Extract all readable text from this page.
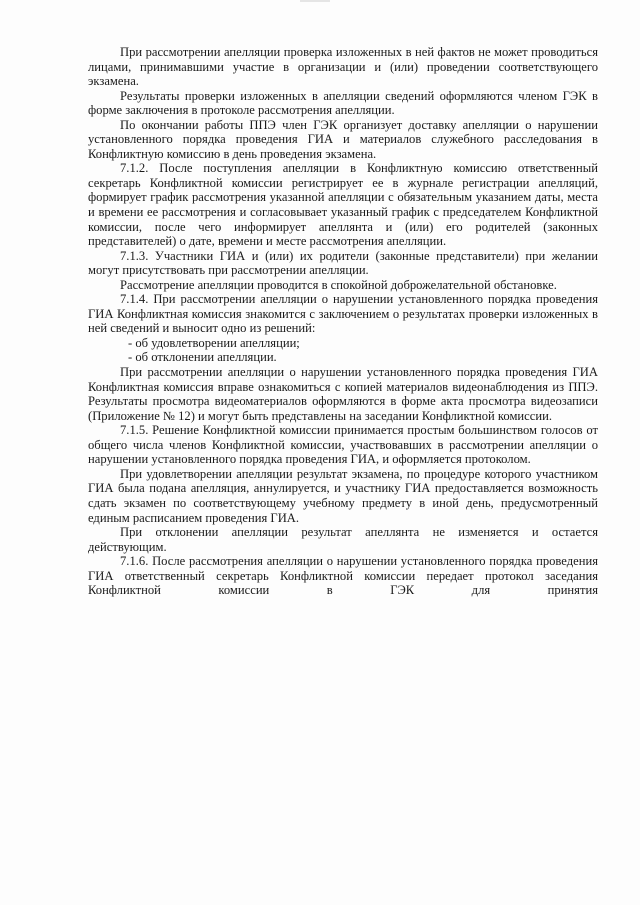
При рассмотрении апелляции проверка изложенных в ней фактов не может проводиться лицами, принимавшими участие в организации и (или) проведении соответствующего экзамена.

Результаты проверки изложенных в апелляции сведений оформляются членом ГЭК в форме заключения в протоколе рассмотрения апелляции.

По окончании работы ППЭ член ГЭК организует доставку апелляции о нарушении установленного порядка проведения ГИА и материалов служебного расследования в Конфликтную комиссию в день проведения экзамена.

7.1.2. После поступления апелляции в Конфликтную комиссию ответственный секретарь Конфликтной комиссии регистрирует ее в журнале регистрации апелляций, формирует график рассмотрения указанной апелляции с обязательным указанием даты, места и времени ее рассмотрения и согласовывает указанный график с председателем Конфликтной комиссии, после чего информирует апеллянта и (или) его родителей (законных представителей) о дате, времени и месте рассмотрения апелляции.

7.1.3. Участники ГИА и (или) их родители (законные представители) при желании могут присутствовать при рассмотрении апелляции.

Рассмотрение апелляции проводится в спокойной доброжелательной обстановке.

7.1.4. При рассмотрении апелляции о нарушении установленного порядка проведения ГИА Конфликтная комиссия знакомится с заключением о результатах проверки изложенных в ней сведений и выносит одно из решений:

- об удовлетворении апелляции;

- об отклонении апелляции.

При рассмотрении апелляции о нарушении установленного порядка проведения ГИА Конфликтная комиссия вправе ознакомиться с копией материалов видеонаблюдения из ППЭ. Результаты просмотра видеоматериалов оформляются в форме акта просмотра видеозаписи (Приложение № 12) и могут быть представлены на заседании Конфликтной комиссии.

7.1.5. Решение Конфликтной комиссии принимается простым большинством голосов от общего числа членов Конфликтной комиссии, участвовавших в рассмотрении апелляции о нарушении установленного порядка проведения ГИА, и оформляется протоколом.

При удовлетворении апелляции результат экзамена, по процедуре которого участником ГИА была подана апелляция, аннулируется, и участнику ГИА предоставляется возможность сдать экзамен по соответствующему учебному предмету в иной день, предусмотренный единым расписанием проведения ГИА.

При отклонении апелляции результат апеллянта не изменяется и остается действующим.

7.1.6. После рассмотрения апелляции о нарушении установленного порядка проведения ГИА ответственный секретарь Конфликтной комиссии передает протокол заседания Конфликтной комиссии в ГЭК для принятия
